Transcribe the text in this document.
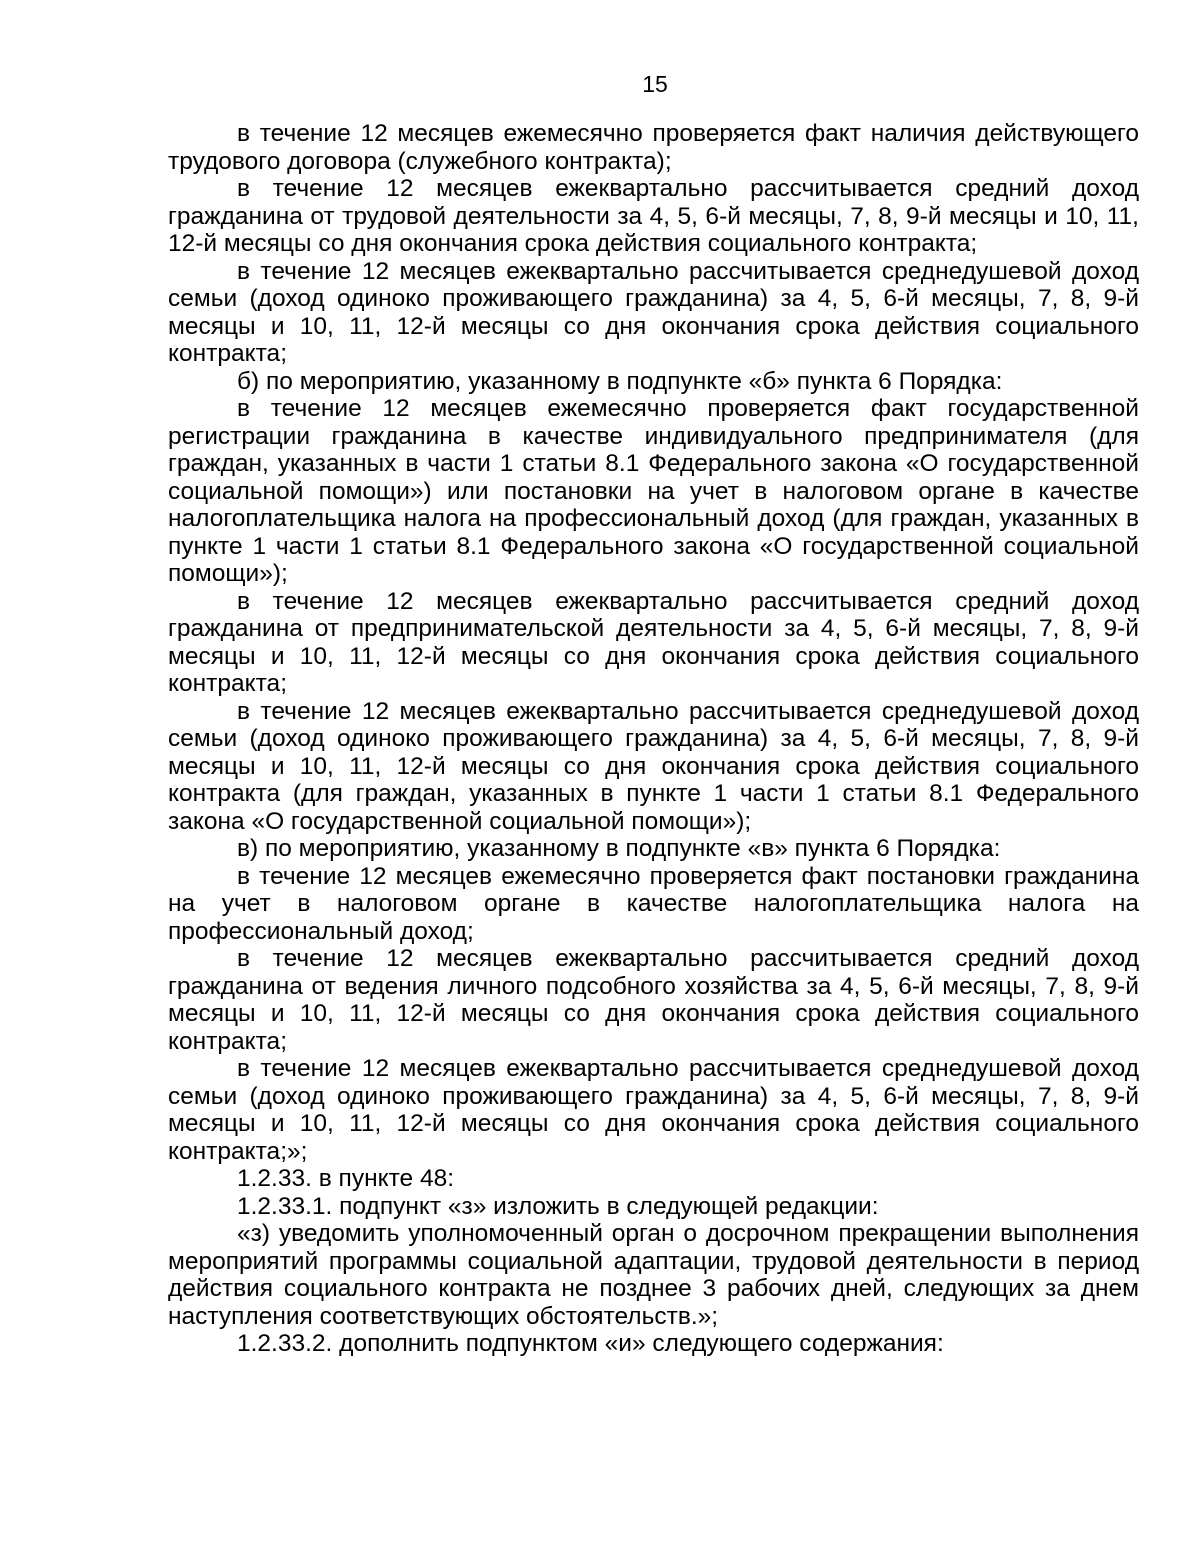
15

в течение 12 месяцев ежемесячно проверяется факт наличия действующего трудового договора (служебного контракта);

в течение 12 месяцев ежеквартально рассчитывается средний доход гражданина от трудовой деятельности за 4, 5, 6-й месяцы, 7, 8, 9-й месяцы и 10, 11, 12-й месяцы со дня окончания срока действия социального контракта;

в течение 12 месяцев ежеквартально рассчитывается среднедушевой доход семьи (доход одиноко проживающего гражданина) за 4, 5, 6-й месяцы, 7, 8, 9-й месяцы и 10, 11, 12-й месяцы со дня окончания срока действия социального контракта;

б) по мероприятию, указанному в подпункте «б» пункта 6 Порядка:

в течение 12 месяцев ежемесячно проверяется факт государственной регистрации гражданина в качестве индивидуального предпринимателя (для граждан, указанных в части 1 статьи 8.1 Федерального закона «О государственной социальной помощи») или постановки на учет в налоговом органе в качестве налогоплательщика налога на профессиональный доход (для граждан, указанных в пункте 1 части 1 статьи 8.1 Федерального закона «О государственной социальной помощи»);

в течение 12 месяцев ежеквартально рассчитывается средний доход гражданина от предпринимательской деятельности за 4, 5, 6-й месяцы, 7, 8, 9-й месяцы и 10, 11, 12-й месяцы со дня окончания срока действия социального контракта;

в течение 12 месяцев ежеквартально рассчитывается среднедушевой доход семьи (доход одиноко проживающего гражданина) за 4, 5, 6-й месяцы, 7, 8, 9-й месяцы и 10, 11, 12-й месяцы со дня окончания срока действия социального контракта (для граждан, указанных в пункте 1 части 1 статьи 8.1 Федерального закона «О государственной социальной помощи»);

в) по мероприятию, указанному в подпункте «в» пункта 6 Порядка:

в течение 12 месяцев ежемесячно проверяется факт постановки гражданина на учет в налоговом органе в качестве налогоплательщика налога на профессиональный доход;

в течение 12 месяцев ежеквартально рассчитывается средний доход гражданина от ведения личного подсобного хозяйства за 4, 5, 6-й месяцы, 7, 8, 9-й месяцы и 10, 11, 12-й месяцы со дня окончания срока действия социального контракта;

в течение 12 месяцев ежеквартально рассчитывается среднедушевой доход семьи (доход одиноко проживающего гражданина) за 4, 5, 6-й месяцы, 7, 8, 9-й месяцы и 10, 11, 12-й месяцы со дня окончания срока действия социального контракта;»;

1.2.33. в пункте 48:

1.2.33.1. подпункт «з» изложить в следующей редакции:

«з) уведомить уполномоченный орган о досрочном прекращении выполнения мероприятий программы социальной адаптации, трудовой деятельности в период действия социального контракта не позднее 3 рабочих дней, следующих за днем наступления соответствующих обстоятельств.»;

1.2.33.2. дополнить подпунктом «и» следующего содержания:
